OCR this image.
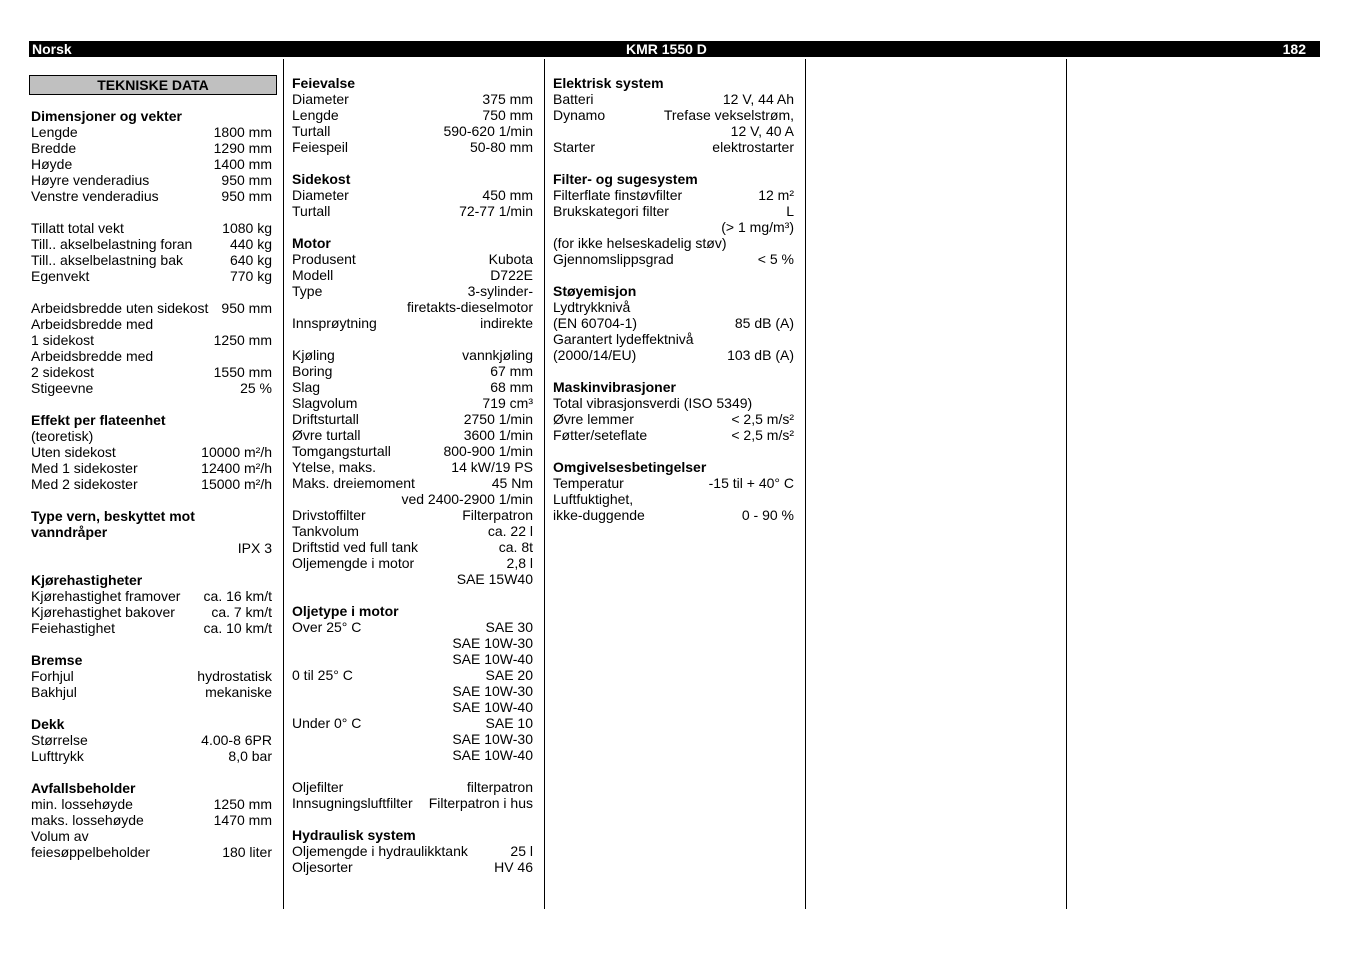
Norsk	KMR 1550 D	182
TEKNISKE DATA
Dimensjoner og vekter
Lengde	1800 mm
Bredde	1290 mm
Høyde	1400 mm
Høyre venderadius	950 mm
Venstre venderadius	950 mm
Tillatt total vekt	1080 kg
Till.. akselbelastning foran	440 kg
Till.. akselbelastning bak	640 kg
Egenvekt	770 kg
Arbeidsbredde uten sidekost 950 mm
Arbeidsbredde med
1 sidekost	1250 mm
Arbeidsbredde med
2 sidekost	1550 mm
Stigeevne	25 %
Effekt per flateenhet
(teoretisk)
Uten sidekost	10000 m²/h
Med 1 sidekoster	12400 m²/h
Med 2 sidekoster	15000 m²/h
Type vern, beskyttet mot
vanndråper
IPX 3
Kjørehastigheter
Kjørehastighet framover ca. 16 km/t
Kjørehastighet bakover	ca. 7 km/t
Feiehastighet	ca. 10 km/t
Bremse
Forhjul	hydrostatisk
Bakhjul	mekaniske
Dekk
Størrelse	4.00-8 6PR
Lufttrykk	8,0 bar
Avfallsbeholder
min. lossehøyde	1250 mm
maks. lossehøyde	1470 mm
Volum av
feiesøppelbeholder	180 liter
Feievalse
Diameter	375 mm
Lengde	750 mm
Turtall	590-620 1/min
Feiespeil	50-80 mm
Sidekost
Diameter	450 mm
Turtall	72-77 1/min
Motor
Produsent	Kubota
Modell	D722E
Type	3-sylinder-
firetakts-dieselmotor
Innsprøytning	indirekte
Kjøling	vannkjøling
Boring	67 mm
Slag	68 mm
Slagvolum	719 cm³
Driftsturtall	2750 1/min
Øvre turtall	3600 1/min
Tomgangsturtall	800-900 1/min
Ytelse, maks.	14 kW/19 PS
Maks. dreiemoment	45 Nm
ved 2400-2900 1/min
Drivstoffilter	Filterpatron
Tankvolum	ca. 22 l
Driftstid ved full tank	ca. 8t
Oljemengde i motor	2,8 l
SAE 15W40
Oljetype i motor
Over 25° C	SAE 30
SAE 10W-30
SAE 10W-40
0 til 25° C	SAE 20
SAE 10W-30
SAE 10W-40
Under 0° C	SAE 10
SAE 10W-30
SAE 10W-40
Oljefilter	filterpatron
Innsugningsluftfilter Filterpatron i hus
Hydraulisk system
Oljemengde i hydraulikktank	25 l
Oljesorter	HV 46
Elektrisk system
Batteri	12 V, 44 Ah
Dynamo	Trefase vekselstrøm,
12 V, 40 A
Starter	elektrostarter
Filter- og sugesystem
Filterflate finstøvfilter	12 m²
Brukskategori filter	L
(> 1 mg/m³)
(for ikke helseskadelig støv)
Gjennomslippsgrad	< 5 %
Støyemisjon
Lydtrykknivå
(EN 60704-1)	85 dB (A)
Garantert lydeffektnivå
(2000/14/EU)	103 dB (A)
Maskinvibrasjoner
Total vibrasjonsverdi (ISO 5349)
Øvre lemmer	< 2,5 m/s²
Føtter/seteflate	< 2,5 m/s²
Omgivelsesbetingelser
Temperatur	-15 til + 40° C
Luftfuktighet,
ikke-duggende	0 - 90 %
